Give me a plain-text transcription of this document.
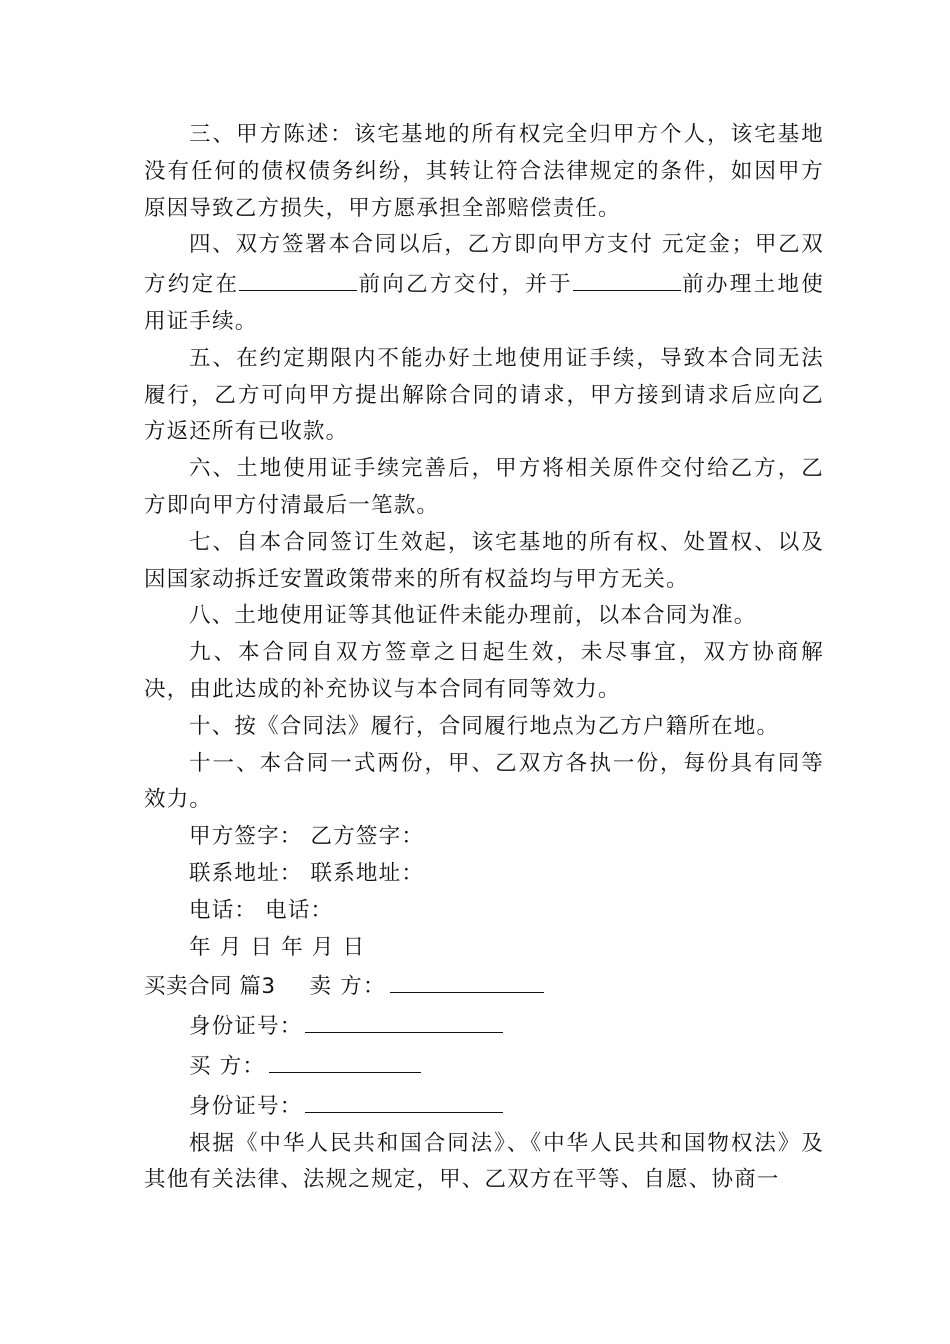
三、甲方陈述：该宅基地的所有权完全归甲方个人，该宅基地没有任何的债权债务纠纷，其转让符合法律规定的条件，如因甲方原因导致乙方损失，甲方愿承担全部赔偿责任。

四、双方签署本合同以后，乙方即向甲方支付 元定金；甲乙双方约定在	前向乙方交付，并于	前办理土地使用证手续。

五、在约定期限内不能办好土地使用证手续，导致本合同无法履行，乙方可向甲方提出解除合同的请求，甲方接到请求后应向乙方返还所有已收款。

六、土地使用证手续完善后，甲方将相关原件交付给乙方，乙方即向甲方付清最后一笔款。

七、自本合同签订生效起，该宅基地的所有权、处置权、以及因国家动拆迁安置政策带来的所有权益均与甲方无关。

八、土地使用证等其他证件未能办理前，以本合同为准。

九、本合同自双方签章之日起生效，未尽事宜，双方协商解决，由此达成的补充协议与本合同有同等效力。

十、按《合同法》履行，合同履行地点为乙方户籍所在地。

十一、本合同一式两份，甲、乙双方各执一份，每份具有同等效力。

甲方签字： 乙方签字：

联系地址： 联系地址：

电话： 电话：

年 月 日 年 月 日

买卖合同 篇3 卖 方：

身份证号：

买 方：

身份证号：

根据《中华人民共和国合同法》、《中华人民共和国物权法》及其他有关法律、法规之规定，甲、乙双方在平等、自愿、协商一
